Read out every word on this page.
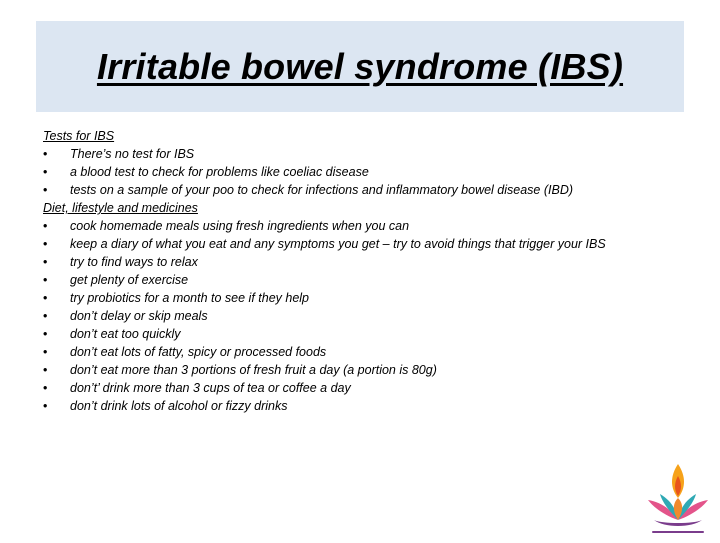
Irritable bowel syndrome (IBS)
Tests for IBS
• There’s no test for IBS
• a blood test to check for problems like coeliac disease
• tests on a sample of your poo to check for infections and inflammatory bowel disease (IBD)
Diet, lifestyle and medicines
• cook homemade meals using fresh ingredients when you can
• keep a diary of what you eat and any symptoms you get – try to avoid things that trigger your IBS
• try to find ways to relax
• get plenty of exercise
• try probiotics for a month to see if they help
• don’t delay or skip meals
• don’t eat too quickly
• don’t eat lots of fatty, spicy or processed foods
• don’t eat more than 3 portions of fresh fruit a day (a portion is 80g)
• don’t’ drink more than 3 cups of tea or coffee a day
• don’t drink lots of alcohol or fizzy drinks
